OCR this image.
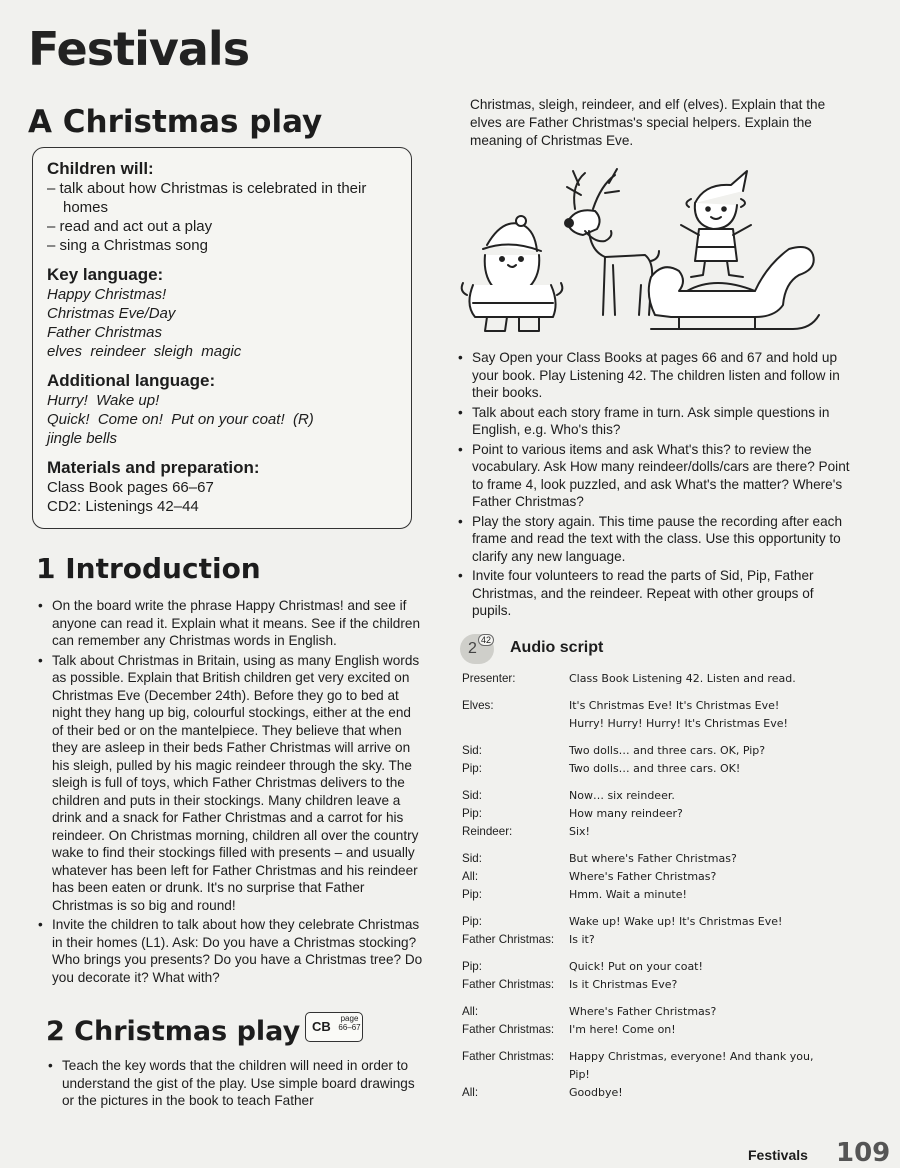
Festivals
A Christmas play

Children will:

– talk about how Christmas is celebrated in their homes
– read and act out a play
– sing a Christmas song

Key language:

Happy Christmas!
Christmas Eve/Day
Father Christmas
elves  reindeer  sleigh  magic

Additional language:

Hurry!  Wake up!
Quick!  Come on!  Put on your coat!  (R)
jingle bells

Materials and preparation:

Class Book pages 66–67
CD2: Listenings 42–44
1 Introduction
• On the board write the phrase Happy Christmas! and see if anyone can read it. Explain what it means. See if the children can remember any Christmas words in English.
• Talk about Christmas in Britain, using as many English words as possible. Explain that British children get very excited on Christmas Eve (December 24th). Before they go to bed at night they hang up big, colourful stockings, either at the end of their bed or on the mantelpiece. They believe that when they are asleep in their beds Father Christmas will arrive on his sleigh, pulled by his magic reindeer through the sky. The sleigh is full of toys, which Father Christmas delivers to the children and puts in their stockings. Many children leave a drink and a snack for Father Christmas and a carrot for his reindeer. On Christmas morning, children all over the country wake to find their stockings filled with presents – and usually whatever has been left for Father Christmas and his reindeer has been eaten or drunk. It's no surprise that Father Christmas is so big and round!
• Invite the children to talk about how they celebrate Christmas in their homes (L1). Ask: Do you have a Christmas stocking? Who brings you presents? Do you have a Christmas tree? Do you decorate it? What with?
2 Christmas play CB
page 66–67
• Teach the key words that the children will need in order to understand the gist of the play. Use simple board drawings or the pictures in the book to teach Father

Christmas, sleigh, reindeer, and elf (elves). Explain that the elves are Father Christmas's special helpers. Explain the meaning of Christmas Eve.

• Say Open your Class Books at pages 66 and 67 and hold up your book. Play Listening 42. The children listen and follow in their books.
• Talk about each story frame in turn. Ask simple questions in English, e.g. Who's this?
• Point to various items and ask What's this? to review the vocabulary. Ask How many reindeer/dolls/cars are there? Point to frame 4, look puzzled, and ask What's the matter? Where's Father Christmas?
• Play the story again. This time pause the recording after each frame and read the text with the class. Use this opportunity to clarify any new language.
• Invite four volunteers to read the parts of Sid, Pip, Father Christmas, and the reindeer. Repeat with other groups of pupils.
2 42 Audio script
Presenter:	Class Book Listening 42. Listen and read.
Elves:	It's Christmas Eve! It's Christmas Eve!
Hurry! Hurry! Hurry! It's Christmas Eve!
Sid:	Two dolls… and three cars. OK, Pip?
Pip:	Two dolls… and three cars. OK!
Sid:	Now… six reindeer.
Pip:	How many reindeer?
Reindeer:	Six!
Sid:	But where's Father Christmas?
All:	Where's Father Christmas?
Pip:	Hmm. Wait a minute!
Pip:	Wake up! Wake up! It's Christmas Eve!
Father Christmas:	Is it?
Pip:	Quick! Put on your coat!
Father Christmas:	Is it Christmas Eve?
All:	Where's Father Christmas?
Father Christmas:	I'm here! Come on!
Father Christmas:	Happy Christmas, everyone! And thank you,
Pip!
All:	Goodbye!
Festivals 109
